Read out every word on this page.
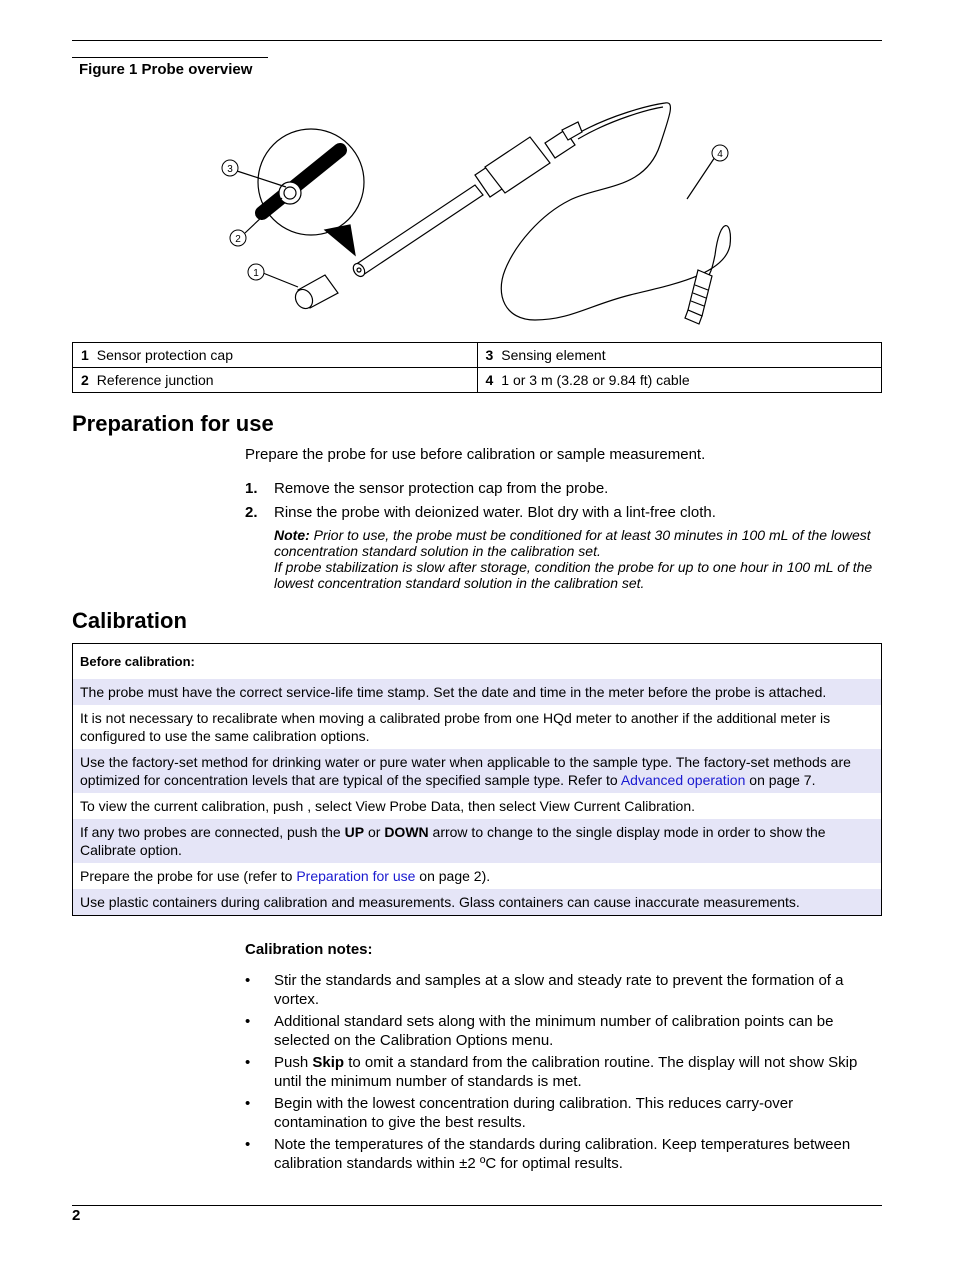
Figure 1 Probe overview
3
2
1
4
1 Sensor protection cap	3 Sensing element
2 Reference junction	4 1 or 3 m (3.28 or 9.84 ft) cable
Preparation for use
Prepare the probe for use before calibration or sample measurement.
1. Remove the sensor protection cap from the probe.
2. Rinse the probe with deionized water. Blot dry with a lint-free cloth.
Note: Prior to use, the probe must be conditioned for at least 30 minutes in 100 mL of the lowest concentration standard solution in the calibration set.
If probe stabilization is slow after storage, condition the probe for up to one hour in 100 mL of the lowest concentration standard solution in the calibration set.
Calibration
Before calibration:
The probe must have the correct service-life time stamp. Set the date and time in the meter before the probe is attached.
It is not necessary to recalibrate when moving a calibrated probe from one HQd meter to another if the additional meter is configured to use the same calibration options.
Use the factory-set method for drinking water or pure water when applicable to the sample type. The factory-set methods are optimized for concentration levels that are typical of the specified sample type. Refer to Advanced operation on page 7.
To view the current calibration, push , select View Probe Data, then select View Current Calibration.
If any two probes are connected, push the UP or DOWN arrow to change to the single display mode in order to show the Calibrate option.
Prepare the probe for use (refer to Preparation for use on page 2).
Use plastic containers during calibration and measurements. Glass containers can cause inaccurate measurements.
Calibration notes:
• Stir the standards and samples at a slow and steady rate to prevent the formation of a vortex.
• Additional standard sets along with the minimum number of calibration points can be selected on the Calibration Options menu.
• Push Skip to omit a standard from the calibration routine. The display will not show Skip until the minimum number of standards is met.
• Begin with the lowest concentration during calibration. This reduces carry-over contamination to give the best results.
• Note the temperatures of the standards during calibration. Keep temperatures between calibration standards within ±2 ºC for optimal results.
2
